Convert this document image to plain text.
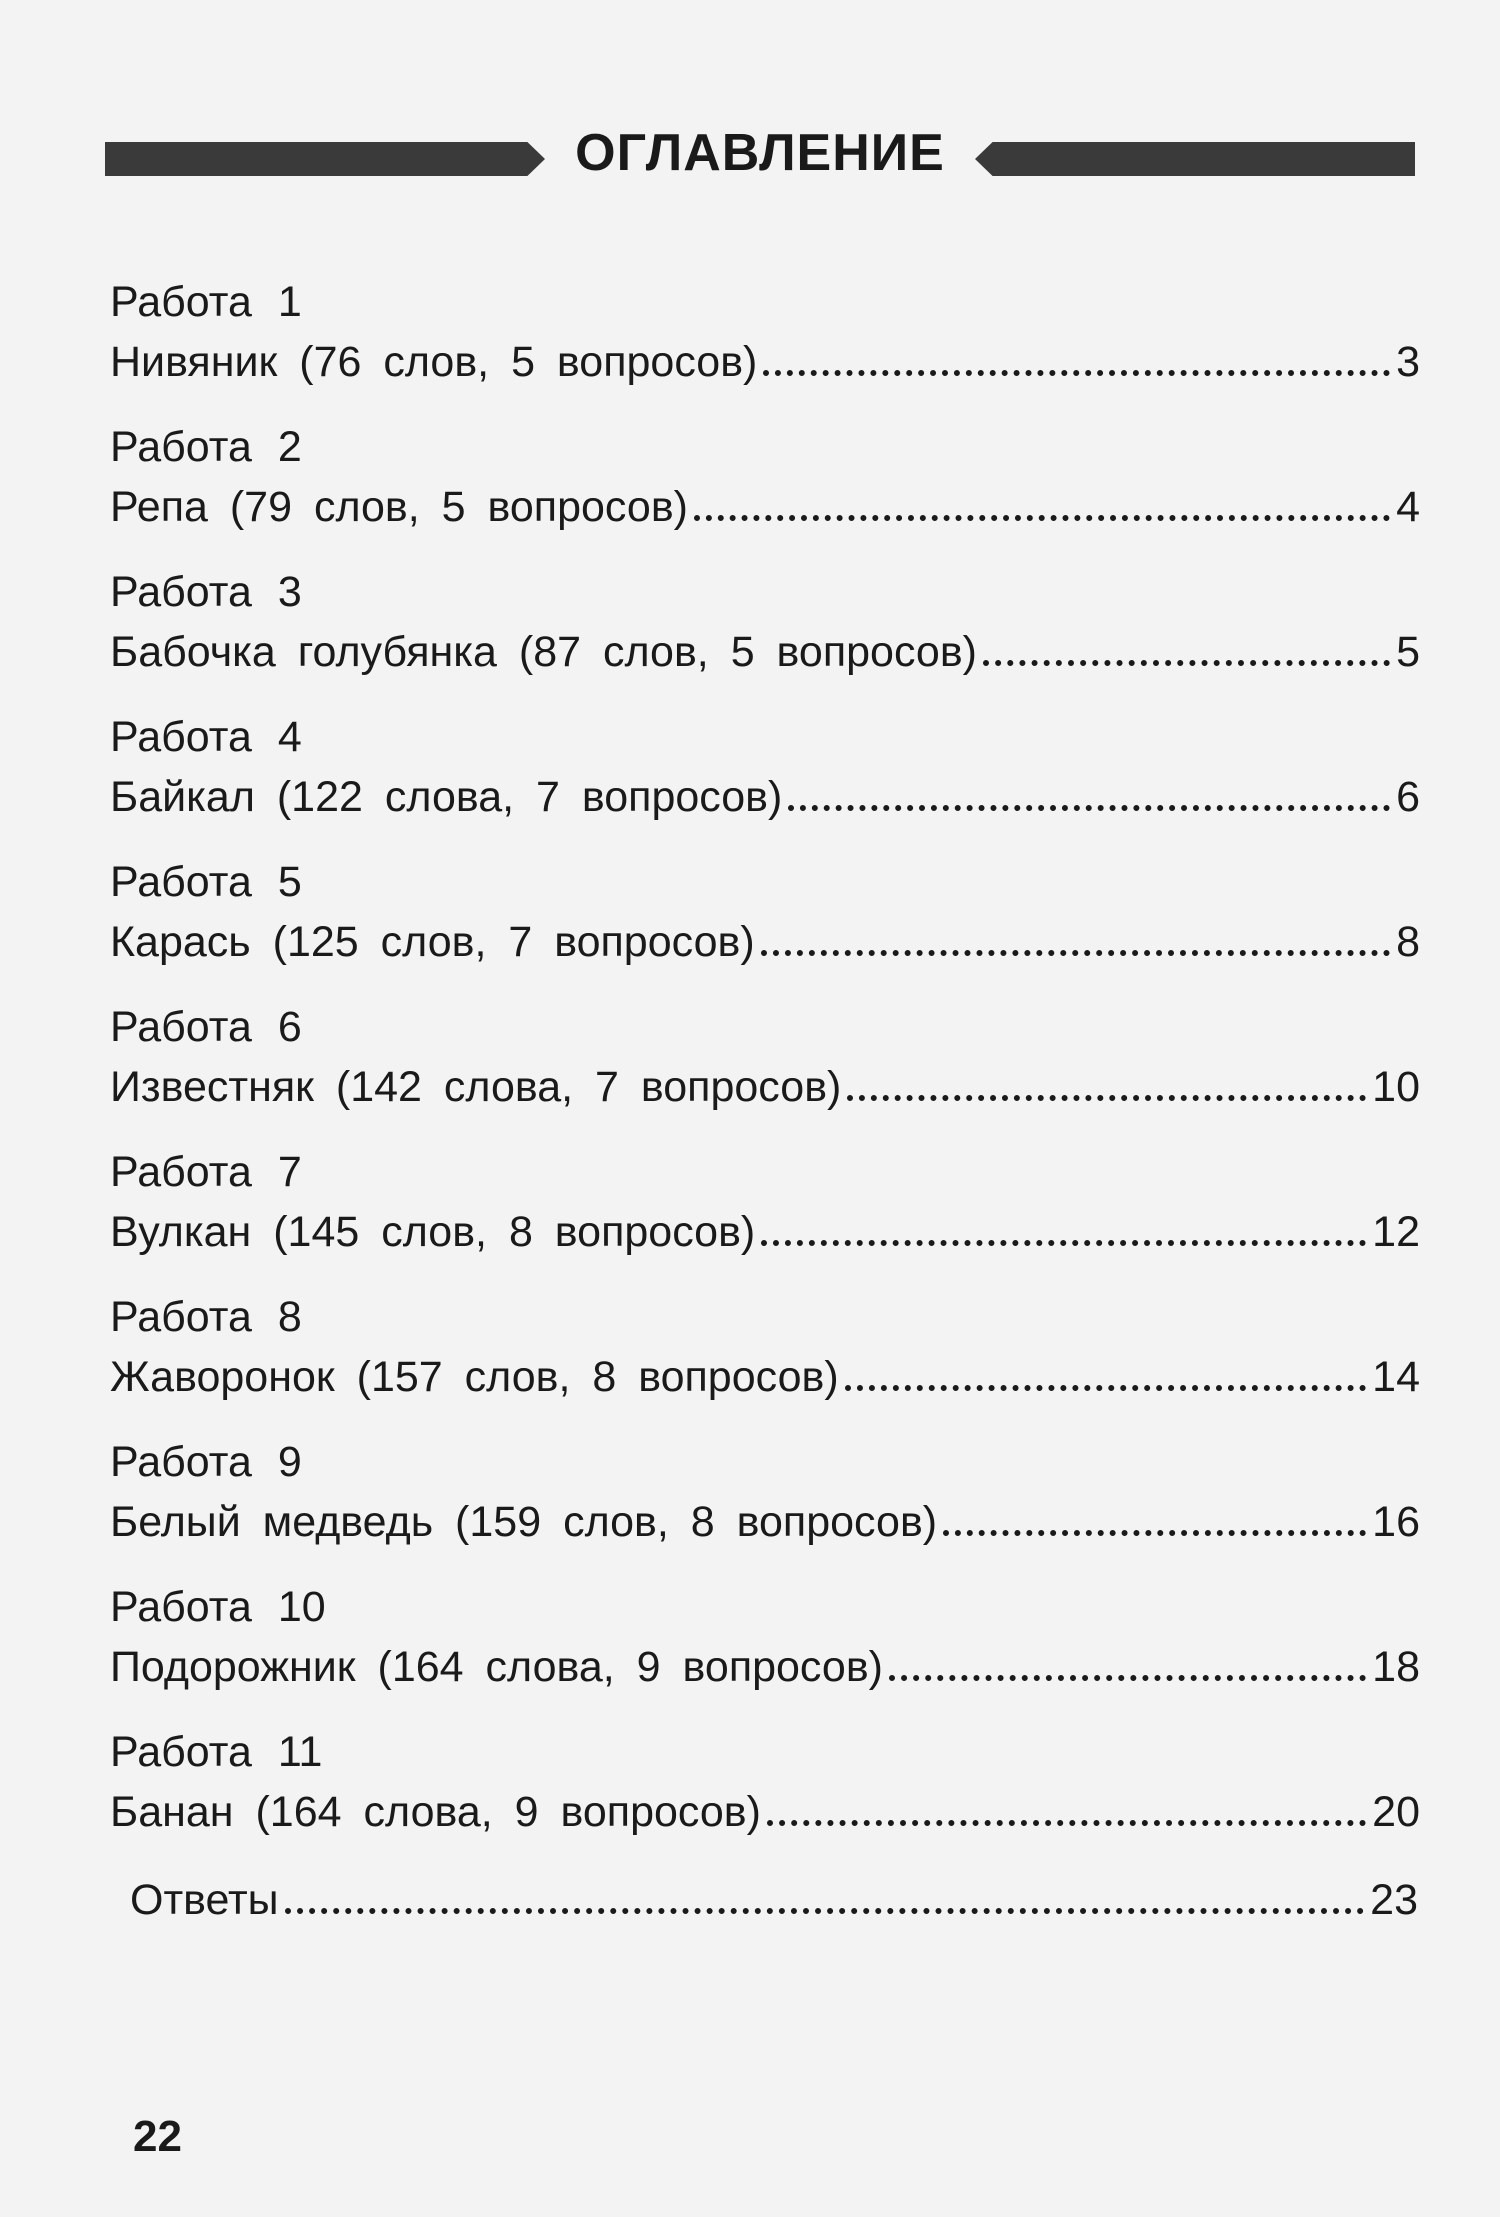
ОГЛАВЛЕНИЕ
Работа 1
Нивяник (76 слов, 5 вопросов)	3
Работа 2
Репа (79 слов, 5 вопросов)	4
Работа 3
Бабочка голубянка (87 слов, 5 вопросов)	5
Работа 4
Байкал (122 слова, 7 вопросов)	6
Работа 5
Карась (125 слов, 7 вопросов)	8
Работа 6
Известняк (142 слова, 7 вопросов)	10
Работа 7
Вулкан (145 слов, 8 вопросов)	12
Работа 8
Жаворонок (157 слов, 8 вопросов)	14
Работа 9
Белый медведь (159 слов, 8 вопросов)	16
Работа 10
Подорожник (164 слова, 9 вопросов)	18
Работа 11
Банан (164 слова, 9 вопросов)	20
Ответы	23
22
